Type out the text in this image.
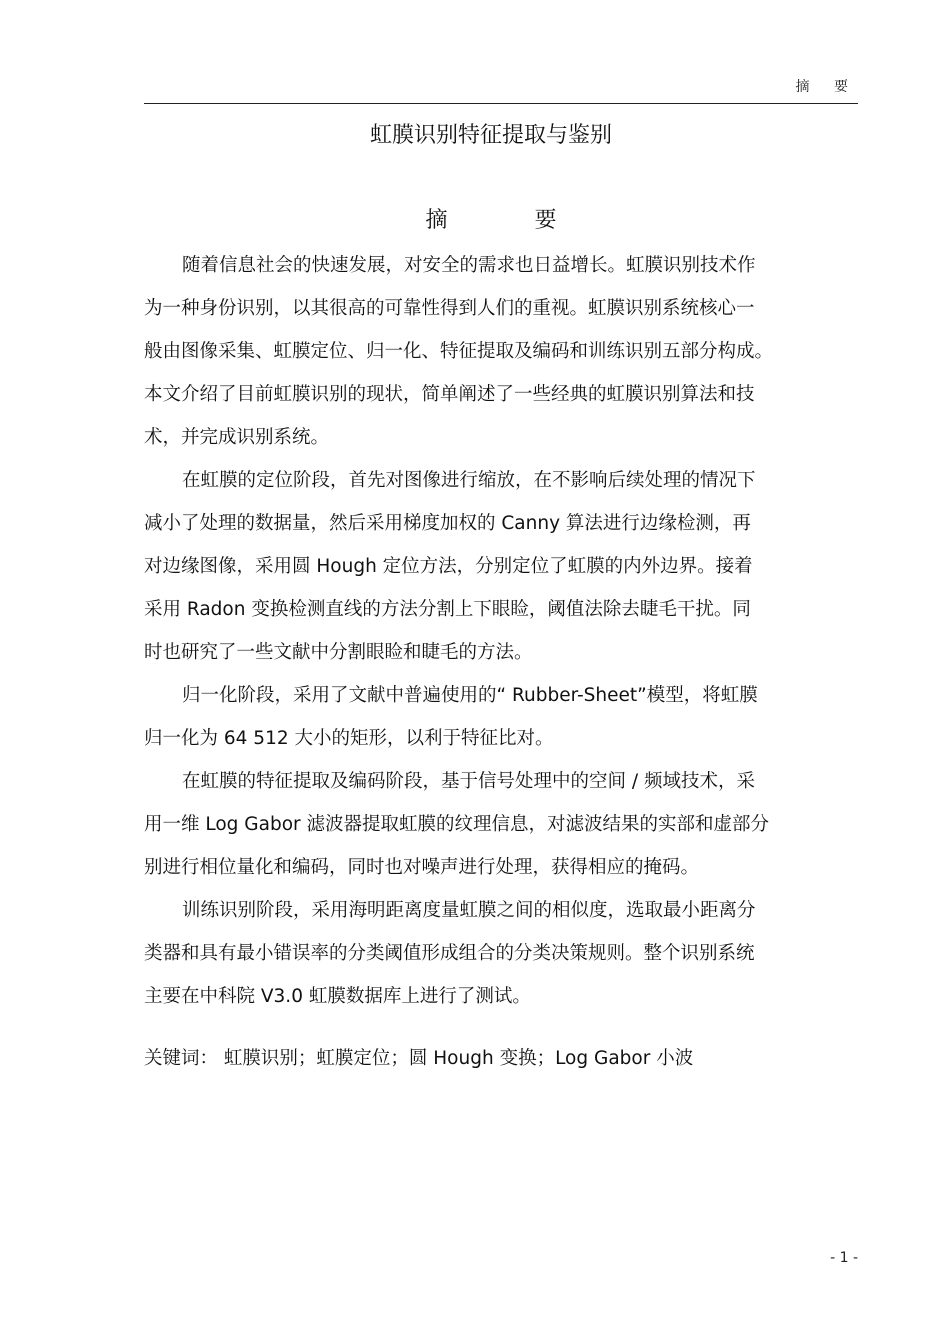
摘 要
虹膜识别特征提取与鉴别
摘 要
随着信息社会的快速发展，对安全的需求也日益增长。虹膜识别技术作
为一种身份识别，以其很高的可靠性得到人们的重视。虹膜识别系统核心一
般由图像采集、虹膜定位、归一化、特征提取及编码和训练识别五部分构成。
本文介绍了目前虹膜识别的现状，简单阐述了一些经典的虹膜识别算法和技
术，并完成识别系统。
在虹膜的定位阶段，首先对图像进行缩放，在不影响后续处理的情况下
减小了处理的数据量，然后采用梯度加权的 Canny 算法进行边缘检测，再
对边缘图像，采用圆 Hough 定位方法，分别定位了虹膜的内外边界。接着
采用 Radon 变换检测直线的方法分割上下眼睑，阈值法除去睫毛干扰。同
时也研究了一些文献中分割眼睑和睫毛的方法。
归一化阶段，采用了文献中普遍使用的“ Rubber-Sheet”模型，将虹膜
归一化为 64 512 大小的矩形，以利于特征比对。
在虹膜的特征提取及编码阶段，基于信号处理中的空间 / 频域技术，采
用一维 Log Gabor 滤波器提取虹膜的纹理信息，对滤波结果的实部和虚部分
别进行相位量化和编码，同时也对噪声进行处理，获得相应的掩码。
训练识别阶段，采用海明距离度量虹膜之间的相似度，选取最小距离分
类器和具有最小错误率的分类阈值形成组合的分类决策规则。整个识别系统
主要在中科院 V3.0 虹膜数据库上进行了测试。
关键词： 虹膜识别；虹膜定位；圆 Hough 变换；Log Gabor 小波
- 1 -
